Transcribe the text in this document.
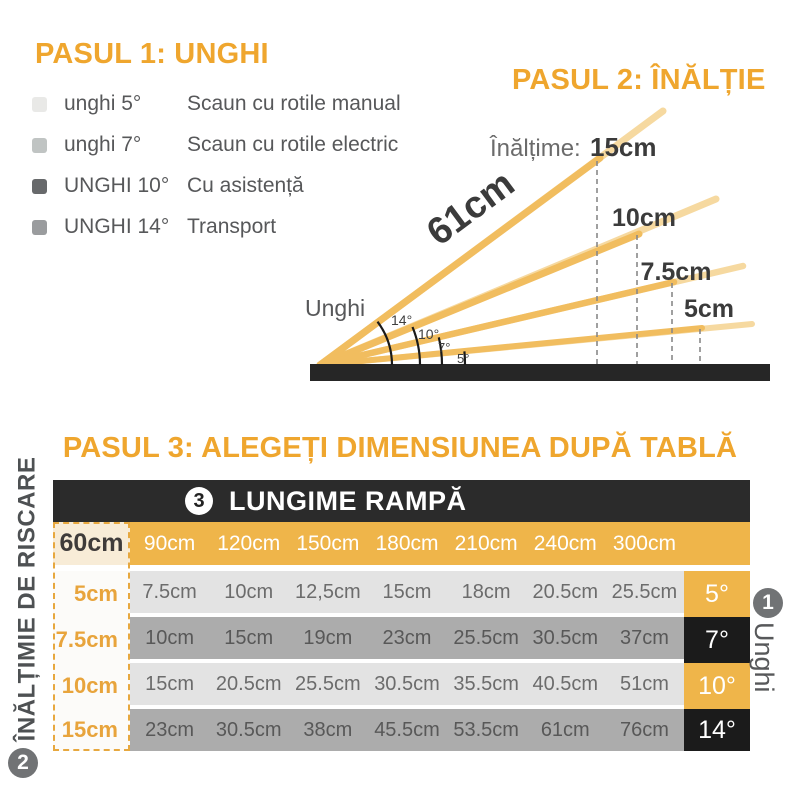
PASUL 1: UNGHI
unghi 5°	Scaun cu rotile manual
unghi 7°	Scaun cu rotile electric
UNGHI 10° Cu asistență
UNGHI 14° Transport
PASUL 2: ÎNĂLȚIE
Înălțime: 15cm
61cm	10cm
7.5cm
5cm
Unghi 14°
10°
7°
5°
PASUL 3: ALEGEȚI DIMENSIUNEA DUPĂ TABLĂ
3 LUNGIME RAMPĂ
60cm 90cm	120cm 150cm 180cm 210cm 240cm 300cm
5cm	7.5cm	10cm	12,5cm	15cm	18cm	20.5cm 25.5cm	5°
7.5cm	10cm	15cm	19cm	23cm	25.5cm 30.5cm	37cm	7°
10cm	15cm	20.5cm 25.5cm 30.5cm 35.5cm 40.5cm	51cm	10°
15cm	23cm	30.5cm	38cm	45.5cm 53.5cm	61cm	76cm	14°
ÎNĂLȚIMIE DE RISCARE
2
1
Unghi
